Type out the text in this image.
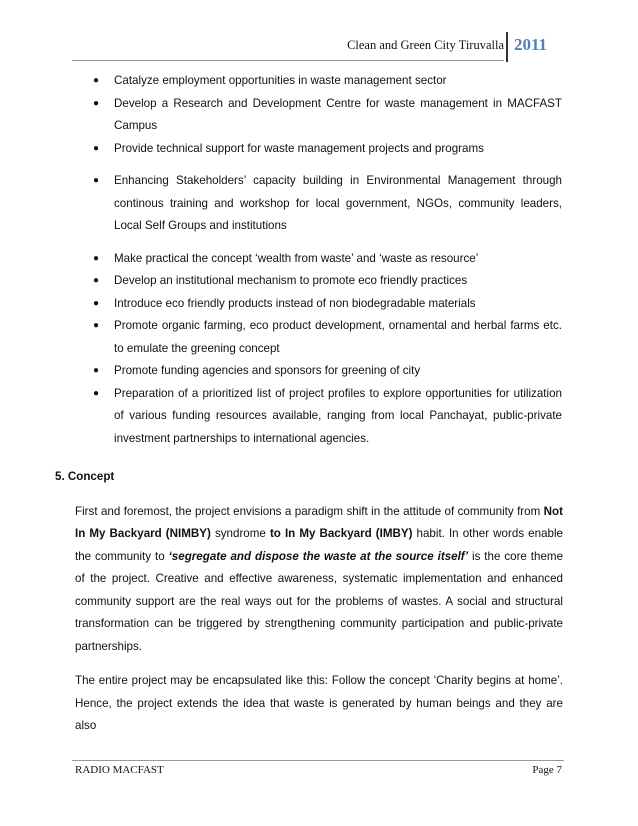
Clean and Green City Tiruvalla 2011
● Catalyze employment opportunities in waste management sector
● Develop a Research and Development Centre for waste management in MACFAST Campus
● Provide technical support for waste management projects and programs
● Enhancing Stakeholders’ capacity building in Environmental Management through continous training and workshop for local government, NGOs, community leaders, Local Self Groups and institutions
● Make practical the concept ‘wealth from waste’ and ‘waste as resource’
● Develop an institutional mechanism to promote eco friendly practices
● Introduce eco friendly products instead of non biodegradable materials
● Promote organic farming, eco product development, ornamental and herbal farms etc. to emulate the greening concept
● Promote funding agencies and sponsors for greening of city
● Preparation of a prioritized list of project profiles to explore opportunities for utilization of various funding resources available, ranging from local Panchayat, public-private investment partnerships to international agencies.
5. Concept

First and foremost, the project envisions a paradigm shift in the attitude of community from Not In My Backyard (NIMBY) syndrome to In My Backyard (IMBY) habit. In other words enable the community to ‘segregate and dispose the waste at the source itself’ is the core theme of the project. Creative and effective awareness, systematic implementation and enhanced community support are the real ways out for the problems of wastes. A social and structural transformation can be triggered by strengthening community participation and public-private partnerships.

The entire project may be encapsulated like this: Follow the concept ‘Charity begins at home’. Hence, the project extends the idea that waste is generated by human beings and they are also

RADIO MACFAST	Page 7
